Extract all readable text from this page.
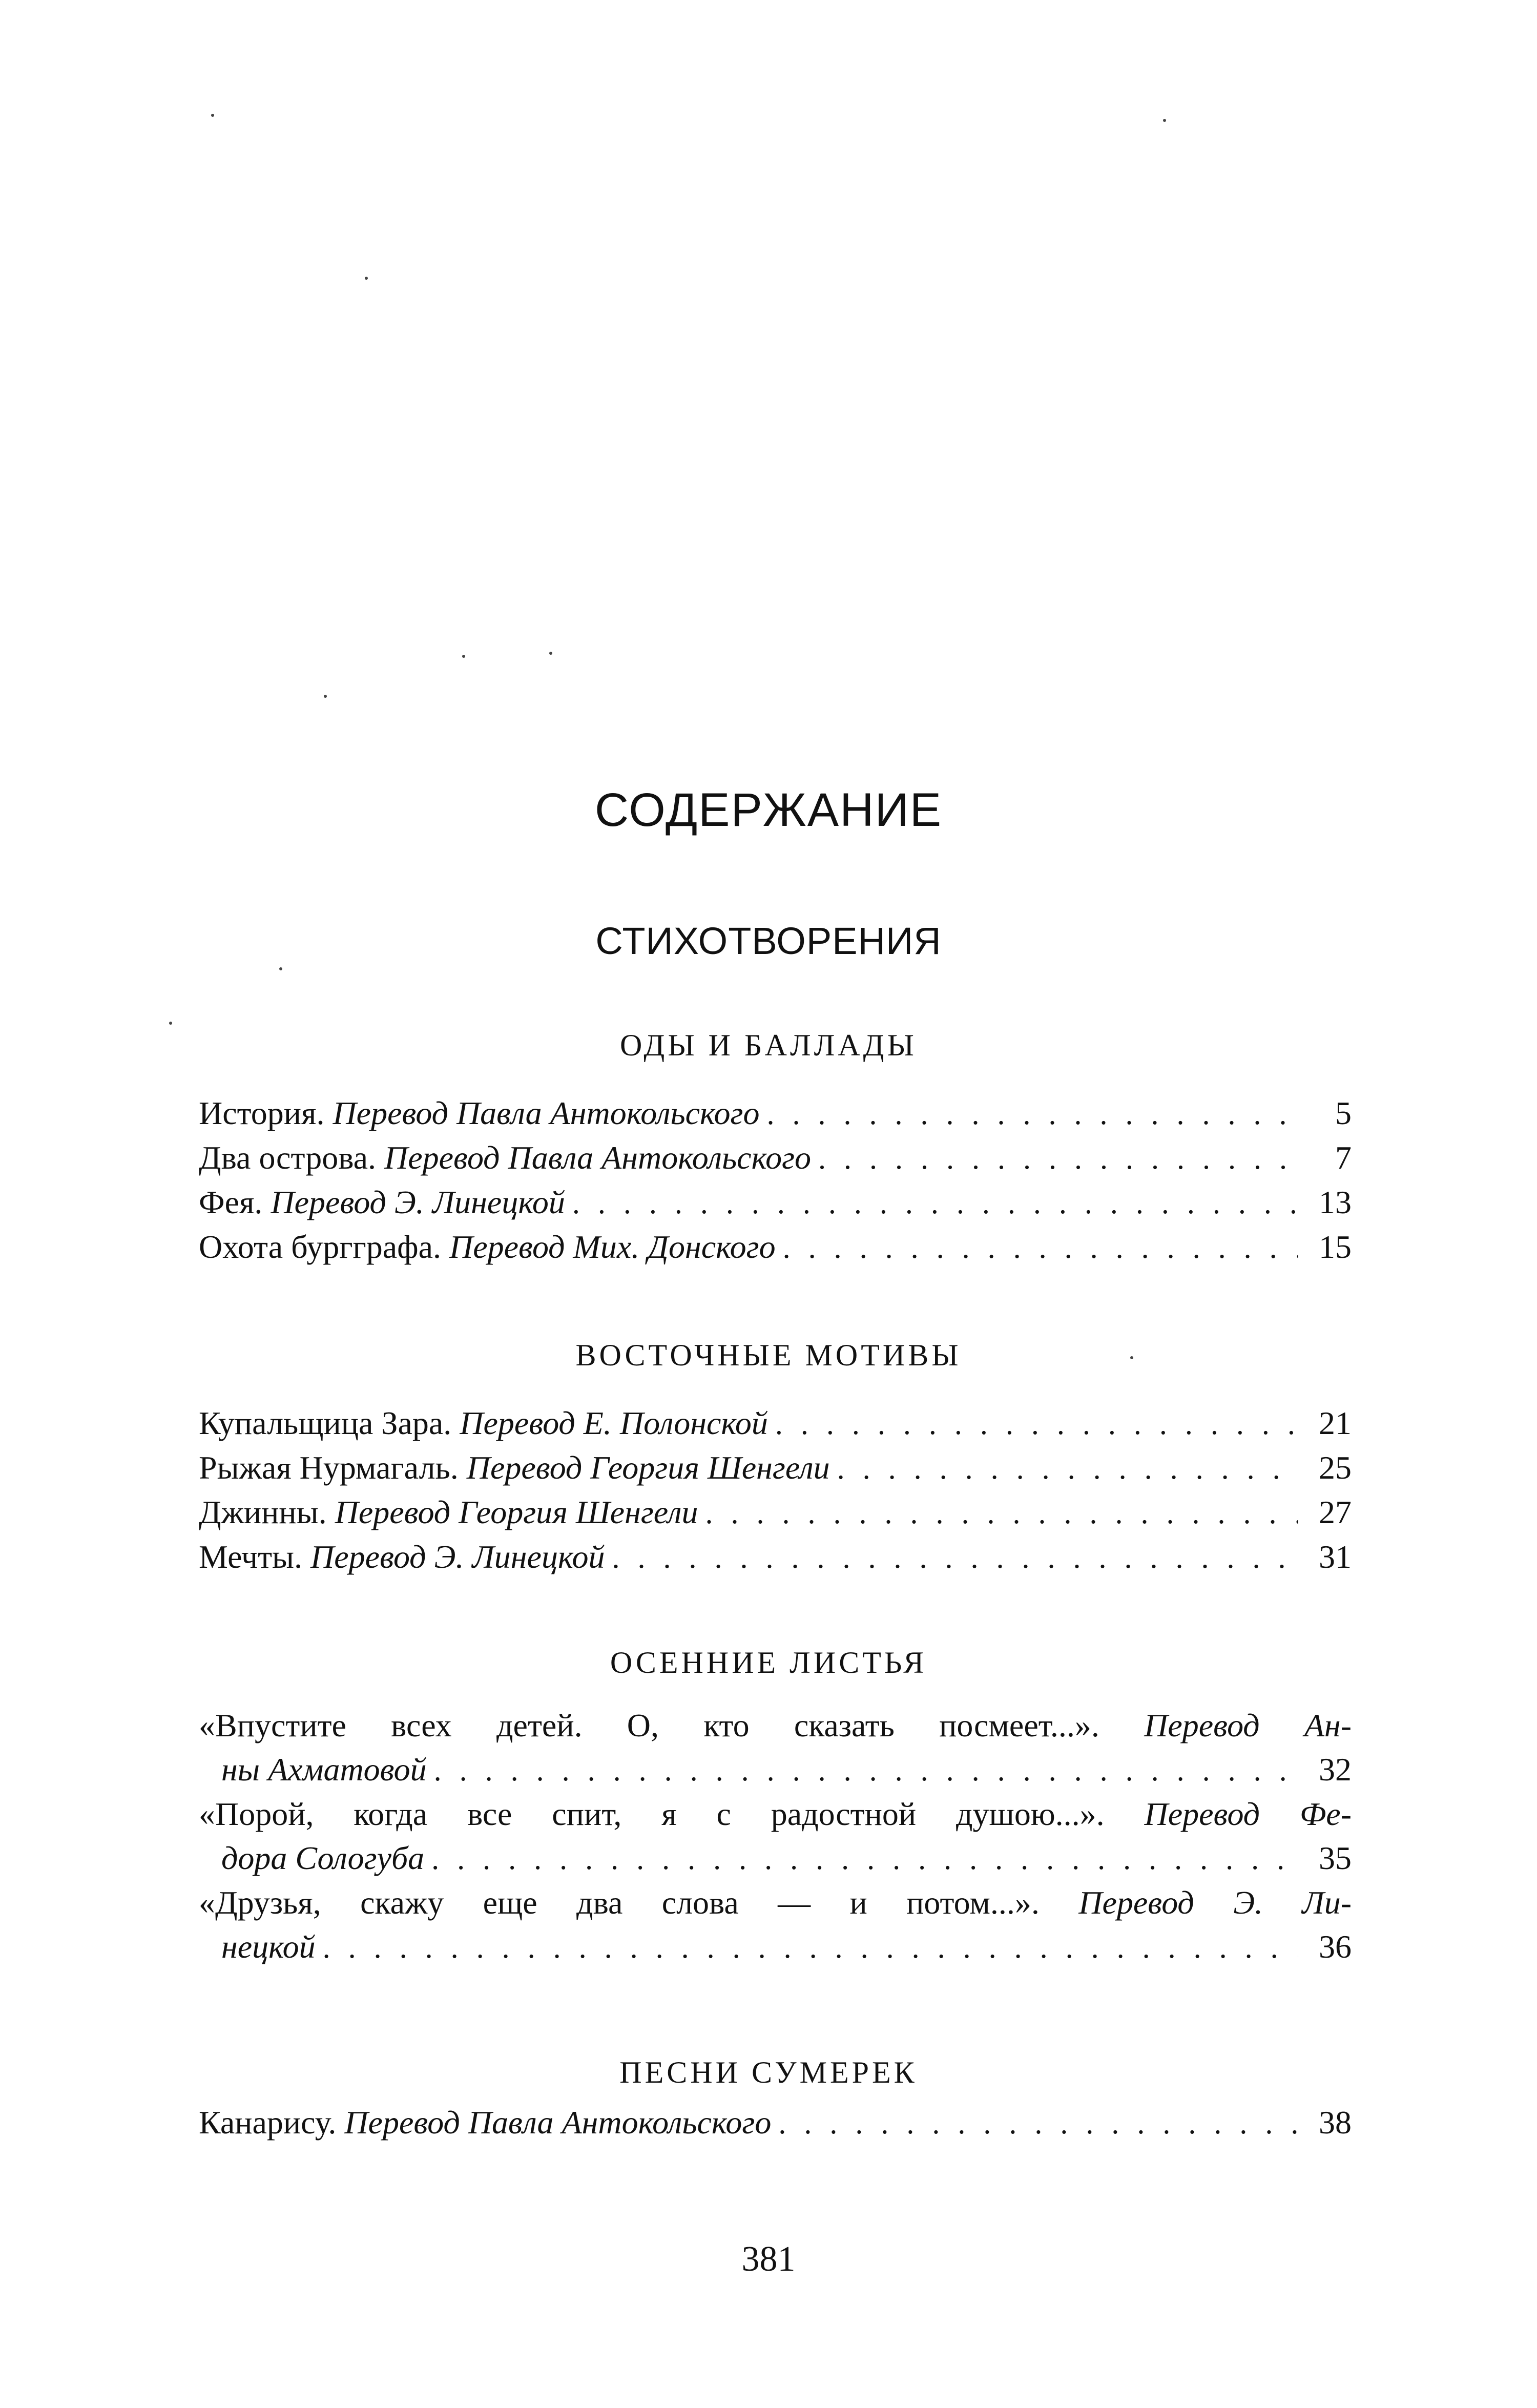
СОДЕРЖАНИЕ
СТИХОТВОРЕНИЯ
ОДЫ И БАЛЛАДЫ
История. Перевод Павла Антокольского . . .	5
Два острова. Перевод Павла Антокольского . . .	7
Фея. Перевод Э. Линецкой . . .	13
Охота бургграфа. Перевод Мих. Донского . . .	15
ВОСТОЧНЫЕ МОТИВЫ
Купальщица Зара. Перевод Е. Полонской . . .	21
Рыжая Нурмагаль. Перевод Георгия Шенгели . . .	25
Джинны. Перевод Георгия Шенгели . . .	27
Мечты. Перевод Э. Линецкой . . .	31
ОСЕННИЕ ЛИСТЬЯ
«Впустите всех детей. О, кто сказать посмеет...». Перевод Ан-
ны Ахматовой . . .	32
«Порой, когда все спит, я с радостной душою...». Перевод Фе-
дора Сологуба . . .	35
«Друзья, скажу еще два слова — и потом...». Перевод Э. Ли-
нецкой . . .	36
ПЕСНИ СУМЕРЕК
Канарису. Перевод Павла Антокольского . . .	38
381
